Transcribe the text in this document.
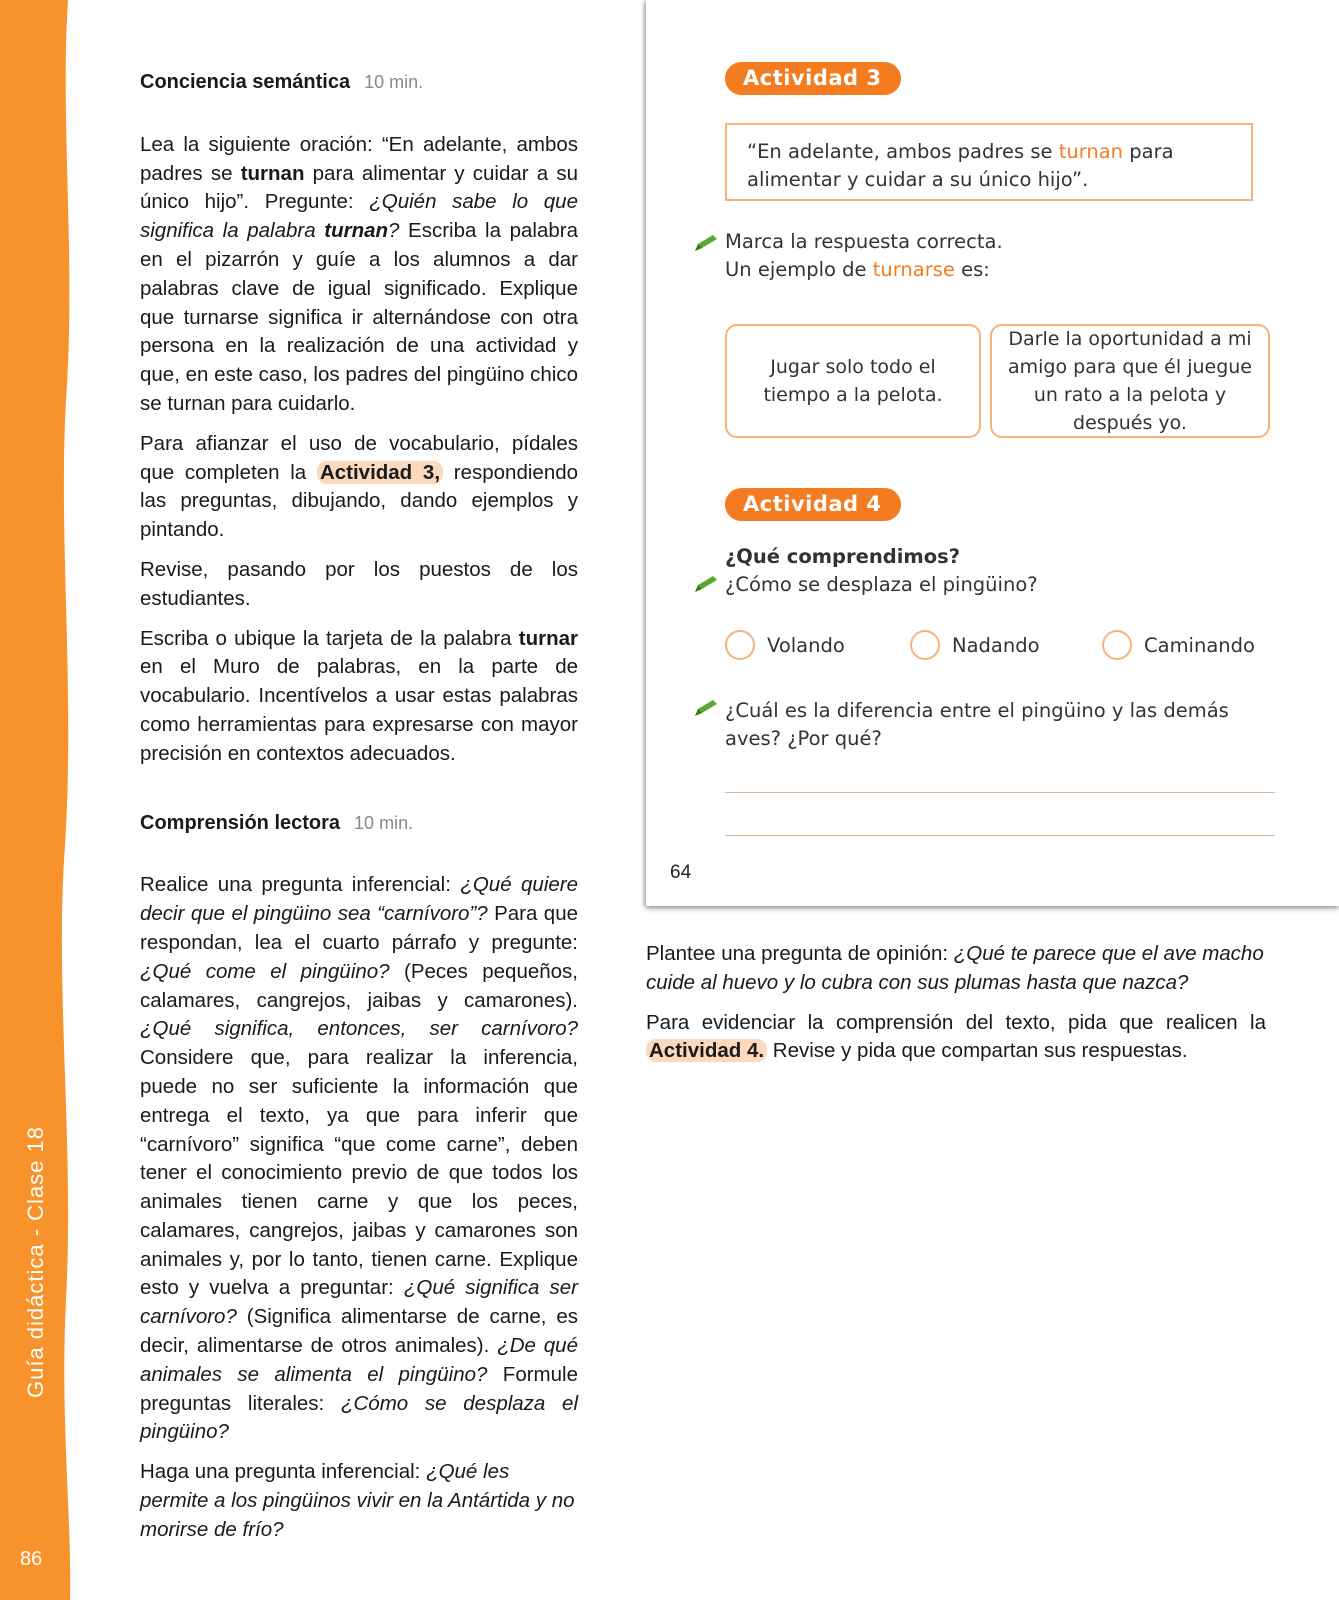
Guía didáctica - Clase 18
86
Conciencia semántica 10 min.

Lea la siguiente oración: “En adelante, ambos padres se turnan para alimentar y cuidar a su único hijo”. Pregunte: ¿Quién sabe lo que significa la palabra turnan? Escriba la palabra en el pizarrón y guíe a los alumnos a dar palabras clave de igual significado. Explique que turnarse significa ir alternándose con otra persona en la realización de una actividad y que, en este caso, los padres del pingüino chico se turnan para cuidarlo.

Para afianzar el uso de vocabulario, pídales que completen la Actividad 3, respondiendo las preguntas, dibujando, dando ejemplos y pintando.

Revise, pasando por los puestos de los estudiantes.

Escriba o ubique la tarjeta de la palabra turnar en el Muro de palabras, en la parte de vocabulario. Incentívelos a usar estas palabras como herramientas para expresarse con mayor precisión en contextos adecuados.

Comprensión lectora 10 min.

Realice una pregunta inferencial: ¿Qué quiere decir que el pingüino sea “carnívoro”? Para que respondan, lea el cuarto párrafo y pregunte: ¿Qué come el pingüino? (Peces pequeños, calamares, cangrejos, jaibas y camarones). ¿Qué significa, entonces, ser carnívoro? Considere que, para realizar la inferencia, puede no ser suficiente la información que entrega el texto, ya que para inferir que “carnívoro” significa “que come carne”, deben tener el conocimiento previo de que todos los animales tienen carne y que los peces, calamares, cangrejos, jaibas y camarones son animales y, por lo tanto, tienen carne. Explique esto y vuelva a preguntar: ¿Qué significa ser carnívoro? (Significa alimentarse de carne, es decir, alimentarse de otros animales). ¿De qué animales se alimenta el pingüino? Formule preguntas literales: ¿Cómo se desplaza el pingüino?

Haga una pregunta inferencial: ¿Qué les permite a los pingüinos vivir en la Antártida y no morirse de frío?

Actividad 3
“En adelante, ambos padres se turnan para alimentar y cuidar a su único hijo”.
Marca la respuesta correcta.
Un ejemplo de turnarse es:
Jugar solo todo el tiempo a la pelota.
Darle la oportunidad a mi amigo para que él juegue un rato a la pelota y después yo.
Actividad 4
¿Qué comprendimos?
¿Cómo se desplaza el pingüino?
Volando	Nadando	Caminando
¿Cuál es la diferencia entre el pingüino y las demás aves? ¿Por qué?
64

Plantee una pregunta de opinión: ¿Qué te parece que el ave macho cuide al huevo y lo cubra con sus plumas hasta que nazca?

Para evidenciar la comprensión del texto, pida que realicen la Actividad 4. Revise y pida que compartan sus respuestas.
